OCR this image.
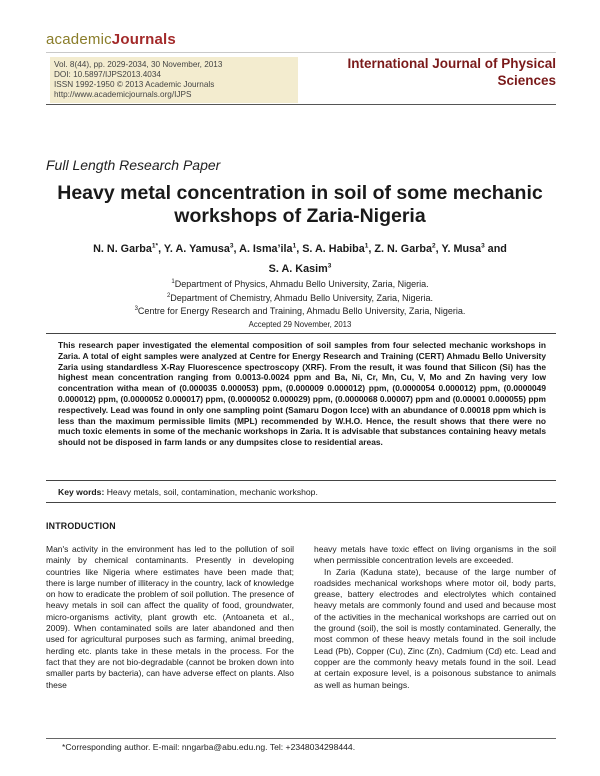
academicJournals
Vol. 8(44), pp. 2029-2034, 30 November, 2013
DOI: 10.5897/IJPS2013.4034
ISSN 1992-1950 © 2013 Academic Journals
http://www.academicjournals.org/IJPS
International Journal of Physical
Sciences
Full Length Research Paper
Heavy metal concentration in soil of some mechanic
workshops of Zaria-Nigeria
N. N. Garba$^{1*}$, Y. A. Yamusa$^3$, A. Isma’ila$^1$, S. A. Habiba$^1$, Z. N. Garba$^2$, Y. Musa$^3$ and
S. A. Kasim$^3$
$^1$Department of Physics, Ahmadu Bello University, Zaria, Nigeria.
$^2$Department of Chemistry, Ahmadu Bello University, Zaria, Nigeria.
$^3$Centre for Energy Research and Training, Ahmadu Bello University, Zaria, Nigeria.
Accepted 29 November, 2013
This research paper investigated the elemental composition of soil samples from four selected mechanic workshops in Zaria. A total of eight samples were analyzed at Centre for Energy Research and Training (CERT) Ahmadu Bello University Zaria using standardless X-Ray Fluorescence spectroscopy (XRF). From the result, it was found that Silicon (Si) has the highest mean concentration ranging from 0.0013-0.0024 ppm and Ba, Ni, Cr, Mn, Cu, V, Mo and Zn having very low concentration witha mean of (0.000035 0.000053) ppm, (0.000009 0.000012) ppm, (0.0000054 0.000012) ppm, (0.0000049 0.000012) ppm, (0.0000052 0.000017) ppm, (0.0000052 0.000029) ppm, (0.0000068 0.00007) ppm and (0.00001 0.000055) ppm respectively. Lead was found in only one sampling point (Samaru Dogon Icce) with an abundance of 0.00018 ppm which is less than the maximum permissible limits (MPL) recommended by W.H.O. Hence, the result shows that there were no much toxic elements in some of the mechanic workshops in Zaria. It is advisable that substances containing heavy metals should not be disposed in farm lands or any dumpsites close to residential areas.
Key words: Heavy metals, soil, contamination, mechanic workshop.
INTRODUCTION

Man's activity in the environment has led to the pollution of soil mainly by chemical contaminants. Presently in developing countries like Nigeria where estimates have been made that; there is large number of illiteracy in the country, lack of knowledge on how to eradicate the problem of soil pollution. The presence of heavy metals in soil can affect the quality of food, groundwater, micro-organisms activity, plant growth etc. (Antoaneta et al., 2009). When contaminated soils are later abandoned and then used for agricultural purposes such as farming, animal breeding, herding etc. plants take in these metals in the process. For the fact that they are not bio-degradable (cannot be broken down into smaller parts by bacteria), can have adverse effect on plants. Also these

heavy metals have toxic effect on living organisms in the soil when permissible concentration levels are exceeded.

In Zaria (Kaduna state), because of the large number of roadsides mechanical workshops where motor oil, body parts, grease, battery electrodes and electrolytes which contained heavy metals are commonly found and used and because most of the activities in the mechanical workshops are carried out on the ground (soil), the soil is mostly contaminated. Generally, the most common of these heavy metals found in the soil include Lead (Pb), Copper (Cu), Zinc (Zn), Cadmium (Cd) etc. Lead and copper are the commonly heavy metals found in the soil. Lead at certain exposure level, is a poisonous substance to animals as well as human beings.

*Corresponding author. E-mail: nngarba@abu.edu.ng. Tel: +2348034298444.
